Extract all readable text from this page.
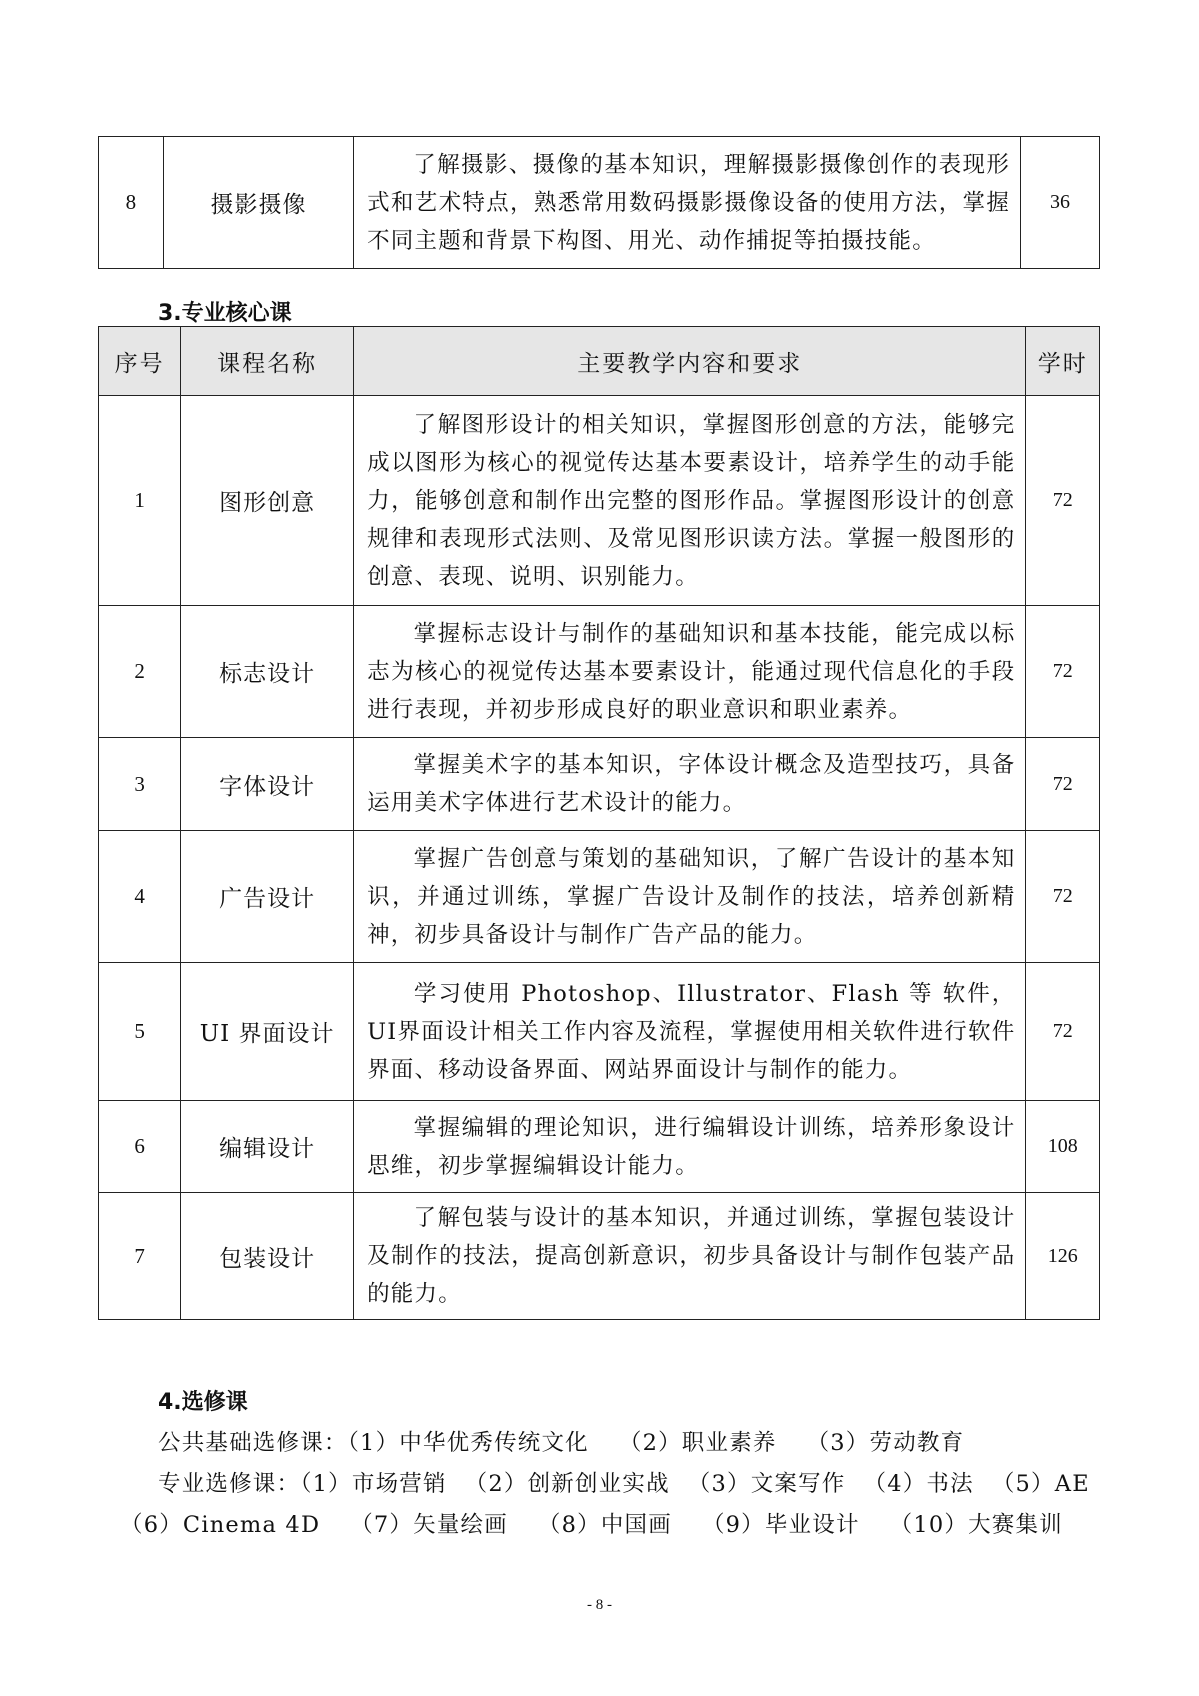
8	摄影摄像	了解摄影、摄像的基本知识，理解摄影摄像创作的表现形式和艺术特点，熟悉常用数码摄影摄像设备的使用方法，掌握不同主题和背景下构图、用光、动作捕捉等拍摄技能。	36
3.专业核心课
序号	课程名称	主要教学内容和要求	学时
1	图形创意	了解图形设计的相关知识，掌握图形创意的方法，能够完成以图形为核心的视觉传达基本要素设计，培养学生的动手能力，能够创意和制作出完整的图形作品。掌握图形设计的创意规律和表现形式法则、及常见图形识读方法。掌握一般图形的创意、表现、说明、识别能力。	72
2	标志设计	掌握标志设计与制作的基础知识和基本技能，能完成以标志为核心的视觉传达基本要素设计，能通过现代信息化的手段进行表现，并初步形成良好的职业意识和职业素养。	72
3	字体设计	掌握美术字的基本知识，字体设计概念及造型技巧，具备运用美术字体进行艺术设计的能力。	72
4	广告设计	掌握广告创意与策划的基础知识，了解广告设计的基本知识，并通过训练，掌握广告设计及制作的技法，培养创新精神，初步具备设计与制作广告产品的能力。	72
5	UI 界面设计	学习使用 Photoshop、Illustrator、Flash 等 软件，UI界面设计相关工作内容及流程，掌握使用相关软件进行软件界面、移动设备界面、网站界面设计与制作的能力。	72
6	编辑设计	掌握编辑的理论知识，进行编辑设计训练，培养形象设计思维，初步掌握编辑设计能力。	108
7	包装设计	了解包装与设计的基本知识，并通过训练，掌握包装设计及制作的技法，提高创新意识，初步具备设计与制作包装产品的能力。	126
4.选修课
公共基础选修课：（1）中华优秀传统文化 （2）职业素养 （3）劳动教育
专业选修课：（1）市场营销 （2）创新创业实战 （3）文案写作 （4）书法 （5）AE
（6）Cinema 4D （7）矢量绘画 （8）中国画 （9）毕业设计 （10）大赛集训
- 8 -
